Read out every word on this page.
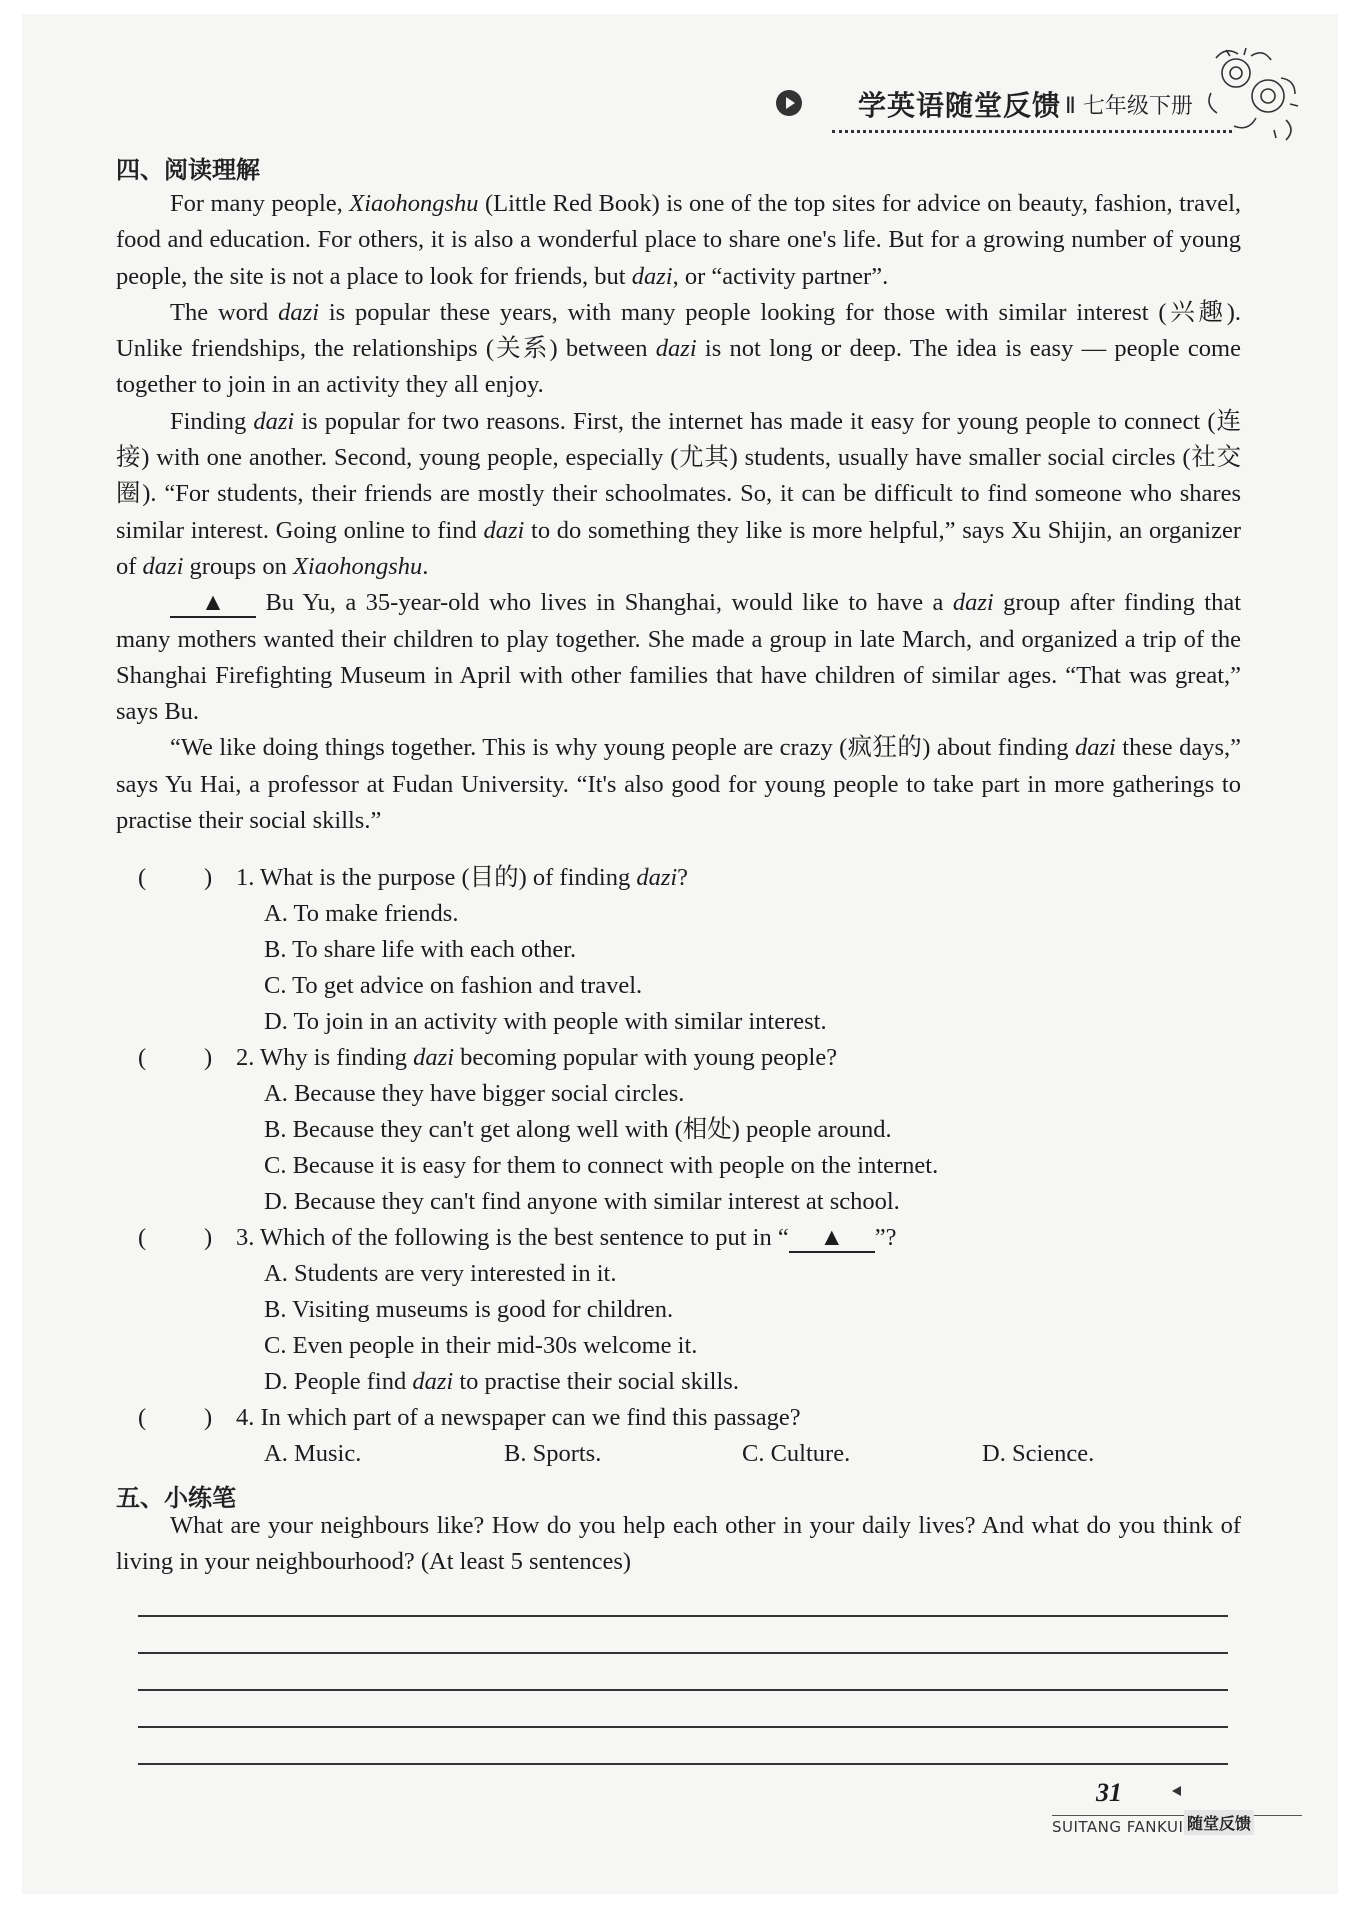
学英语随堂反馈 Ⅱ 七年级下册
四、阅读理解

For many people, Xiaohongshu (Little Red Book) is one of the top sites for advice on beauty, fashion, travel, food and education. For others, it is also a wonderful place to share one's life. But for a growing number of young people, the site is not a place to look for friends, but dazi, or “activity partner”.

The word dazi is popular these years, with many people looking for those with similar interest (兴趣). Unlike friendships, the relationships (关系) between dazi is not long or deep. The idea is easy — people come together to join in an activity they all enjoy.

Finding dazi is popular for two reasons. First, the internet has made it easy for young people to connect (连接) with one another. Second, young people, especially (尤其) students, usually have smaller social circles (社交圈). “For students, their friends are mostly their schoolmates. So, it can be difficult to find someone who shares similar interest. Going online to find dazi to do something they like is more helpful,” says Xu Shijin, an organizer of dazi groups on Xiaohongshu.

▲ Bu Yu, a 35-year-old who lives in Shanghai, would like to have a dazi group after finding that many mothers wanted their children to play together. She made a group in late March, and organized a trip of the Shanghai Firefighting Museum in April with other families that have children of similar ages. “That was great,” says Bu.

“We like doing things together. This is why young people are crazy (疯狂的) about finding dazi these days,” says Yu Hai, a professor at Fudan University. “It's also good for young people to take part in more gatherings to practise their social skills.”

( ) 1. What is the purpose (目的) of finding dazi?
A. To make friends.
B. To share life with each other.
C. To get advice on fashion and travel.
D. To join in an activity with people with similar interest.
( ) 2. Why is finding dazi becoming popular with young people?
A. Because they have bigger social circles.
B. Because they can't get along well with (相处) people around.
C. Because it is easy for them to connect with people on the internet.
D. Because they can't find anyone with similar interest at school.
( ) 3. Which of the following is the best sentence to put in “ ▲ ”?
A. Students are very interested in it.
B. Visiting museums is good for children.
C. Even people in their mid-30s welcome it.
D. People find dazi to practise their social skills.
( ) 4. In which part of a newspaper can we find this passage?
A. Music.	B. Sports.	C. Culture.	D. Science.
五、小练笔

What are your neighbours like? How do you help each other in your daily lives? And what do you think of living in your neighbourhood? (At least 5 sentences)

31
SUITANG FANKUI 随堂反馈
